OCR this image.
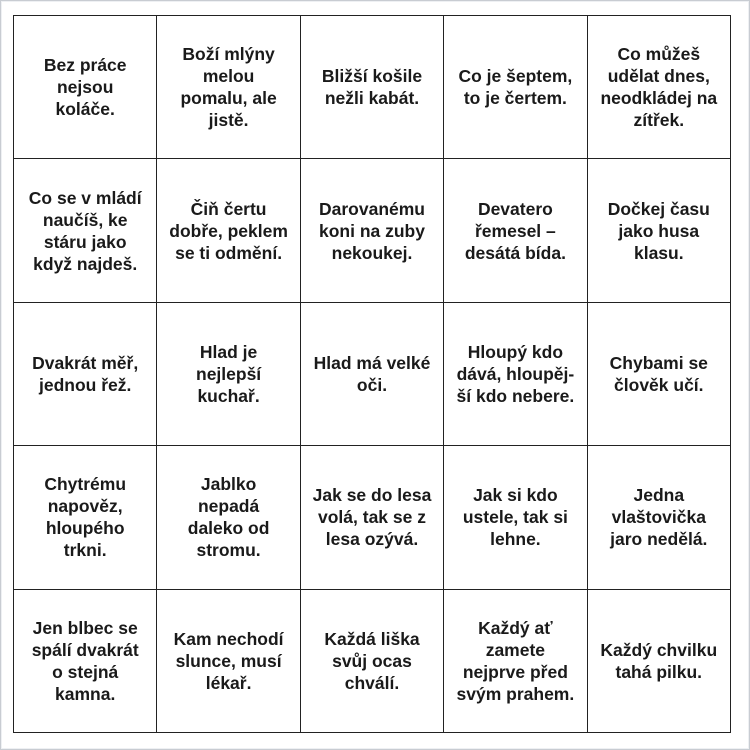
Bez práce
nejsou
koláče.
Boží mlýny
melou
pomalu, ale
jistě.
Bližší košile
nežli kabát.
Co je šeptem,
to je čertem.
Co můžeš
udělat dnes,
neodkládej na
zítřek.
Co se v mládí
naučíš, ke
stáru jako
když najdeš.
Čiň čertu
dobře, peklem
se ti odmění.
Darovanému
koni na zuby
nekoukej.
Devatero
řemesel –
desátá bída.
Dočkej času
jako husa
klasu.
Dvakrát měř,
jednou řež.
Hlad je
nejlepší
kuchař.
Hlad má velké
oči.
Hloupý kdo
dává, hloupěj-
ší kdo nebere.
Chybami se
člověk učí.
Chytrému
napověz,
hloupého
trkni.
Jablko
nepadá
daleko od
stromu.
Jak se do lesa
volá, tak se z
lesa ozývá.
Jak si kdo
ustele, tak si
lehne.
Jedna
vlaštovička
jaro nedělá.
Jen blbec se
spálí dvakrát
o stejná
kamna.
Kam nechodí
slunce, musí
lékař.
Každá liška
svůj ocas
chválí.
Každý ať
zamete
nejprve před
svým prahem.
Každý chvilku
tahá pilku.
